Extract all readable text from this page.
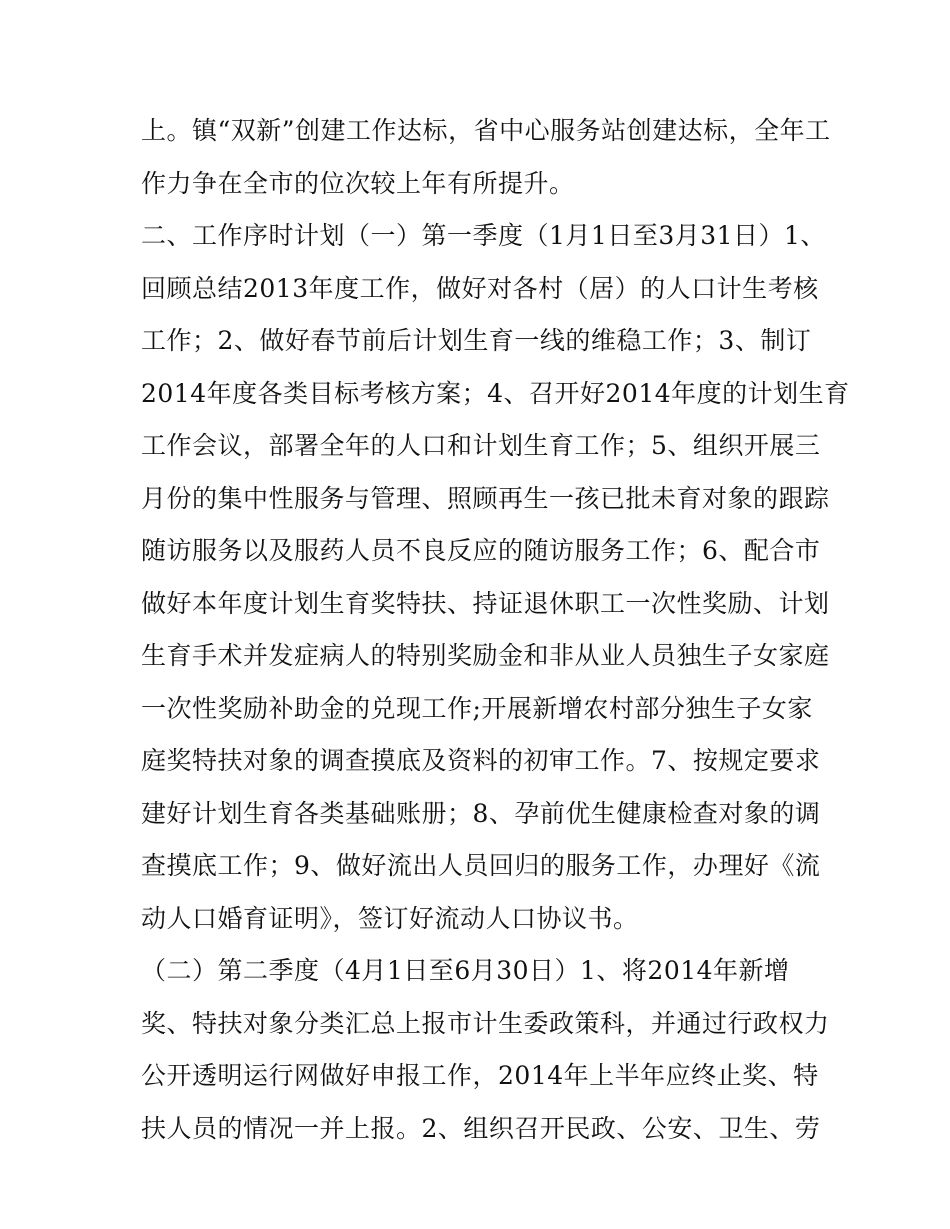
上。镇“双新”创建工作达标，省中心服务站创建达标，全年工
作力争在全市的位次较上年有所提升。
二、工作序时计划（一）第一季度（1月1日至3月31日）1、
回顾总结2013年度工作，做好对各村（居）的人口计生考核
工作；2、做好春节前后计划生育一线的维稳工作；3、制订
2014年度各类目标考核方案；4、召开好2014年度的计划生育
工作会议，部署全年的人口和计划生育工作；5、组织开展三
月份的集中性服务与管理、照顾再生一孩已批未育对象的跟踪
随访服务以及服药人员不良反应的随访服务工作；6、配合市
做好本年度计划生育奖特扶、持证退休职工一次性奖励、计划
生育手术并发症病人的特别奖励金和非从业人员独生子女家庭
一次性奖励补助金的兑现工作;开展新增农村部分独生子女家
庭奖特扶对象的调查摸底及资料的初审工作。7、按规定要求
建好计划生育各类基础账册；8、孕前优生健康检查对象的调
查摸底工作；9、做好流出人员回归的服务工作，办理好《流
动人口婚育证明》，签订好流动人口协议书。
（二）第二季度（4月1日至6月30日）1、将2014年新增
奖、特扶对象分类汇总上报市计生委政策科，并通过行政权力
公开透明运行网做好申报工作，2014年上半年应终止奖、特
扶人员的情况一并上报。2、组织召开民政、公安、卫生、劳
